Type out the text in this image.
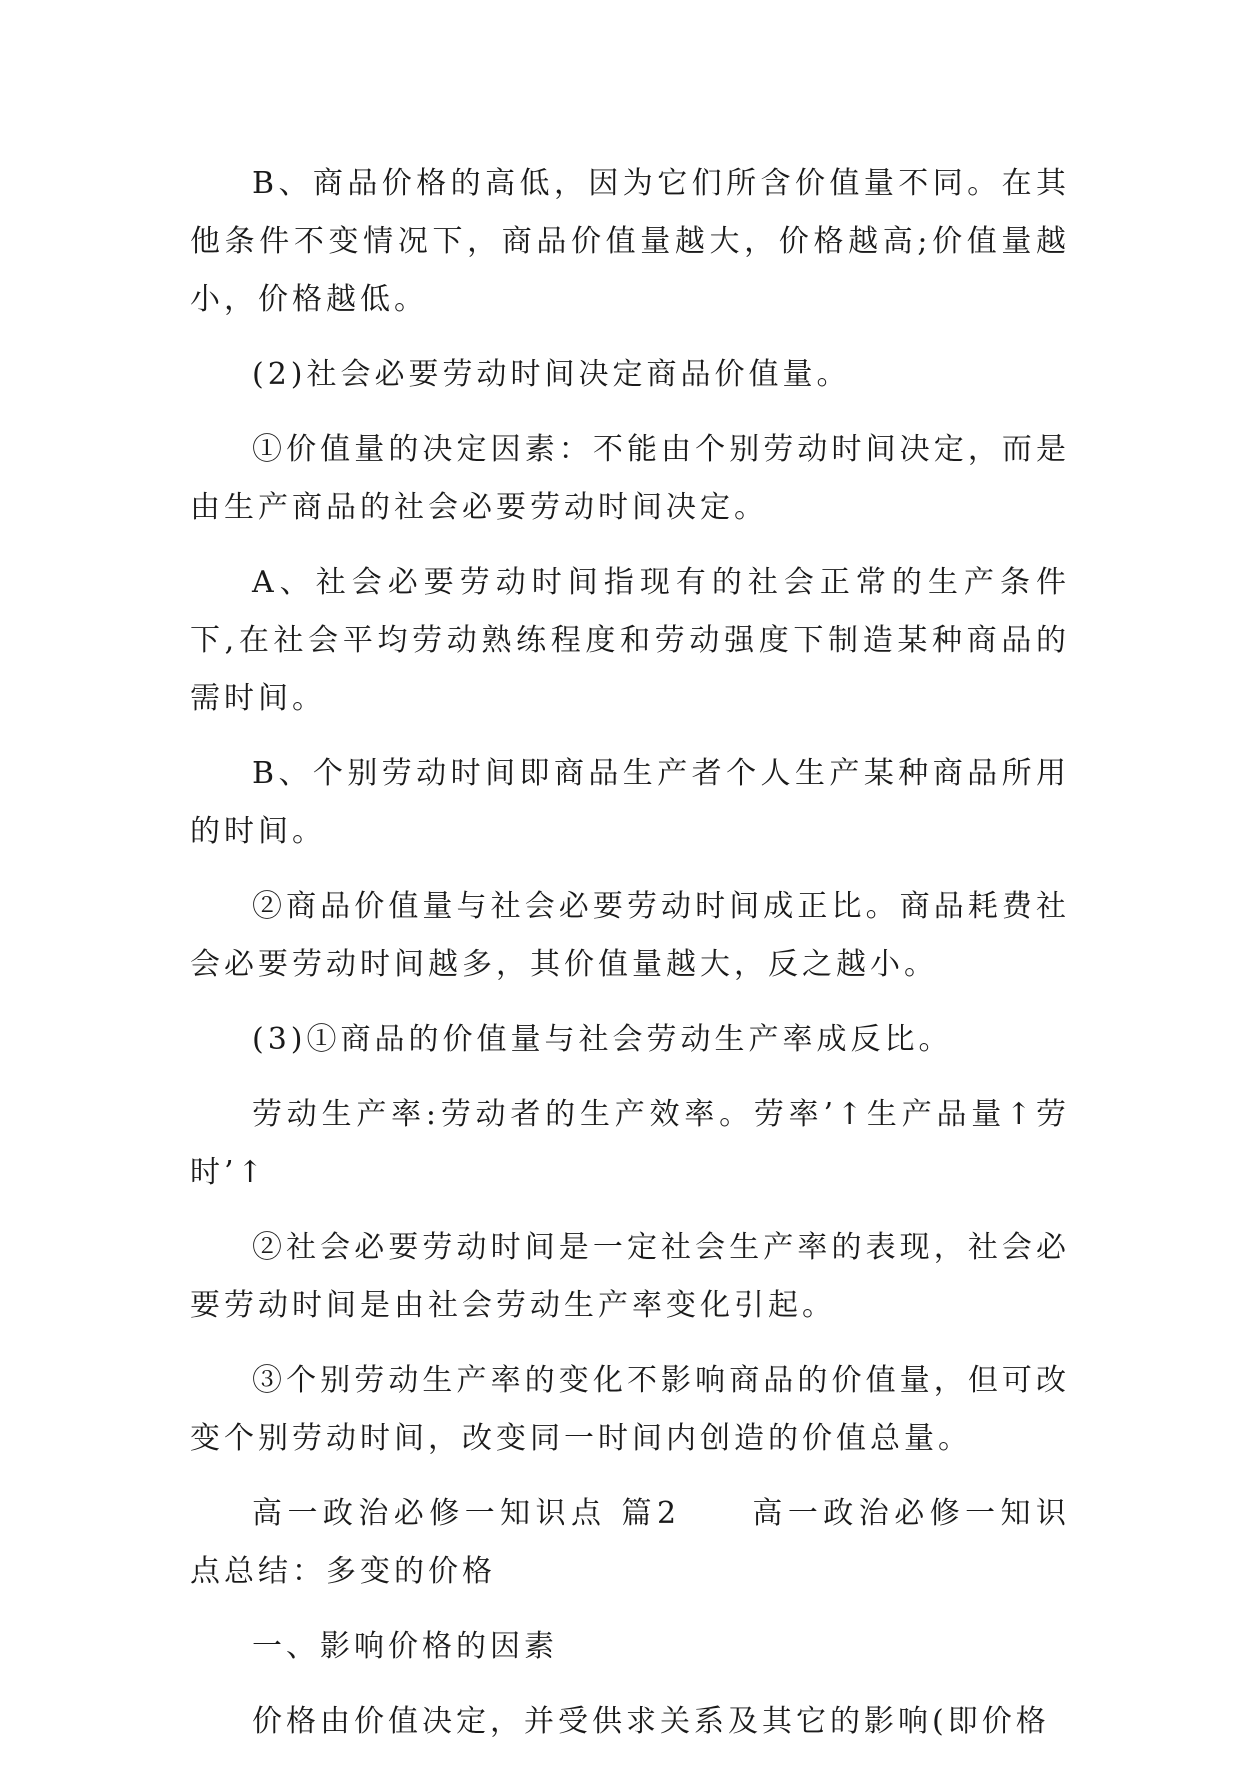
B、商品价格的高低，因为它们所含价值量不同。在其他条件不变情况下，商品价值量越大，价格越高;价值量越小，价格越低。

(2)社会必要劳动时间决定商品价值量。

①价值量的决定因素：不能由个别劳动时间决定，而是由生产商品的社会必要劳动时间决定。

A、社会必要劳动时间指现有的社会正常的生产条件下,在社会平均劳动熟练程度和劳动强度下制造某种商品的需时间。

B、个别劳动时间即商品生产者个人生产某种商品所用的时间。

②商品价值量与社会必要劳动时间成正比。商品耗费社会必要劳动时间越多，其价值量越大，反之越小。

(3)①商品的价值量与社会劳动生产率成反比。

劳动生产率:劳动者的生产效率。劳率’↑生产品量↑劳时’↑

②社会必要劳动时间是一定社会生产率的表现，社会必要劳动时间是由社会劳动生产率变化引起。

③个别劳动生产率的变化不影响商品的价值量，但可改变个别劳动时间，改变同一时间内创造的价值总量。

高一政治必修一知识点 篇2　　高一政治必修一知识点总结：多变的价格

一、影响价格的因素

价格由价值决定，并受供求关系及其它的影响(即价格
